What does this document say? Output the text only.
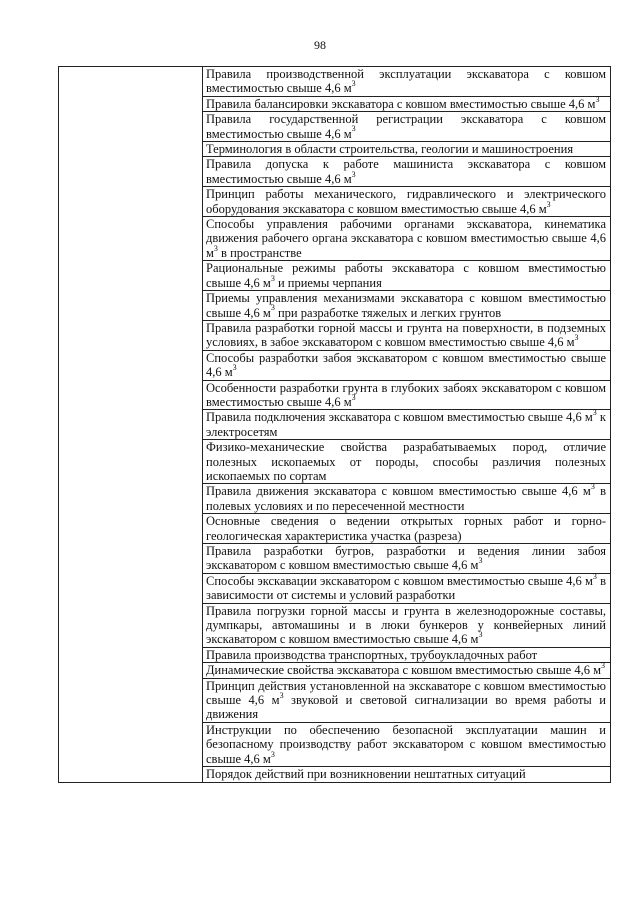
98

Правила производственной эксплуатации экскаватора с ковшом вместимостью свыше 4,6 $м^3$

Правила балансировки экскаватора с ковшом вместимостью свыше 4,6 $м^3$

Правила государственной регистрации экскаватора с ковшом вместимостью свыше 4,6 $м^3$

Терминология в области строительства, геологии и машиностроения

Правила допуска к работе машиниста экскаватора с ковшом вместимостью свыше 4,6 $м^3$

Принцип работы механического, гидравлического и электрического оборудования экскаватора с ковшом вместимостью свыше 4,6 $м^3$

Способы управления рабочими органами экскаватора, кинематика движения рабочего органа экскаватора с ковшом вместимостью свыше 4,6 $м^3$ в пространстве

Рациональные режимы работы экскаватора с ковшом вместимостью свыше 4,6 $м^3$ и приемы черпания

Приемы управления механизмами экскаватора с ковшом вместимостью свыше 4,6 $м^3$ при разработке тяжелых и легких грунтов

Правила разработки горной массы и грунта на поверхности, в подземных условиях, в забое экскаватором с ковшом вместимостью свыше 4,6 $м^3$

Способы разработки забоя экскаватором с ковшом вместимостью свыше 4,6 $м^3$

Особенности разработки грунта в глубоких забоях экскаватором с ковшом вместимостью свыше 4,6 $м^3$

Правила подключения экскаватора с ковшом вместимостью свыше 4,6 $м^3$ к электросетям

Физико-механические свойства разрабатываемых пород, отличие полезных ископаемых от породы, способы различия полезных ископаемых по сортам

Правила движения экскаватора с ковшом вместимостью свыше 4,6 $м^3$ в полевых условиях и по пересеченной местности

Основные сведения о ведении открытых горных работ и горно-геологическая характеристика участка (разреза)

Правила разработки бугров, разработки и ведения линии забоя экскаватором с ковшом вместимостью свыше 4,6 $м^3$

Способы экскавации экскаватором с ковшом вместимостью свыше 4,6 $м^3$ в зависимости от системы и условий разработки

Правила погрузки горной массы и грунта в железнодорожные составы, думпкары, автомашины и в люки бункеров у конвейерных линий экскаватором с ковшом вместимостью свыше 4,6 $м^3$

Правила производства транспортных, трубоукладочных работ

Динамические свойства экскаватора с ковшом вместимостью свыше 4,6 $м^3$

Принцип действия установленной на экскаваторе с ковшом вместимостью свыше 4,6 $м^3$ звуковой и световой сигнализации во время работы и движения

Инструкции по обеспечению безопасной эксплуатации машин и безопасному производству работ экскаватором с ковшом вместимостью свыше 4,6 $м^3$

Порядок действий при возникновении нештатных ситуаций
